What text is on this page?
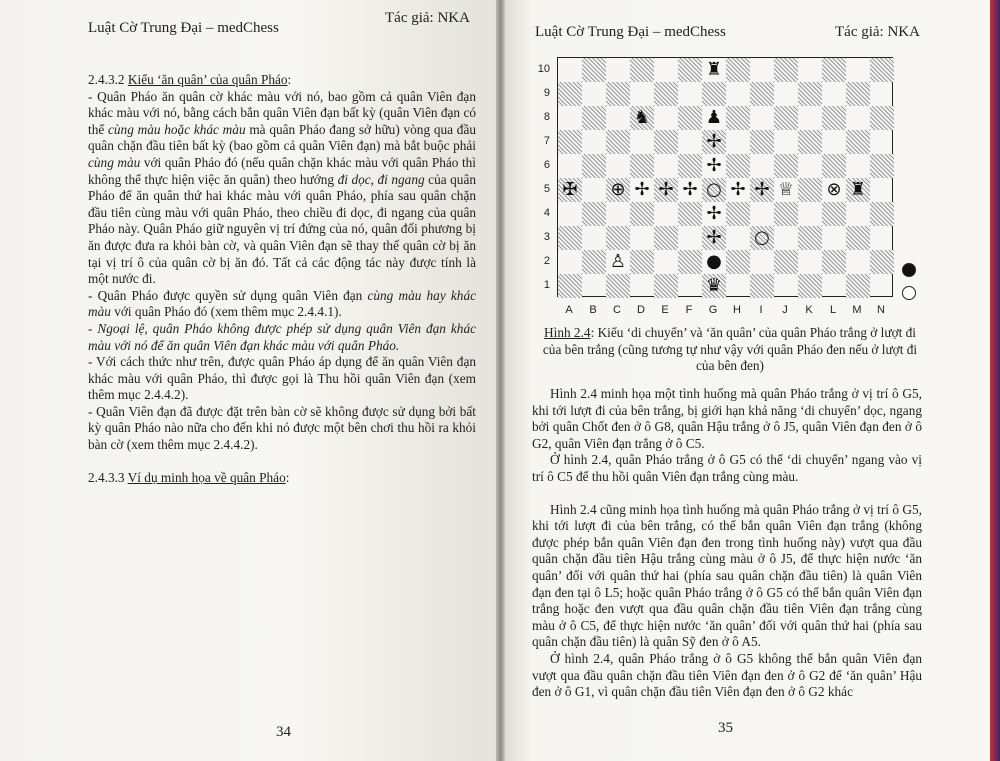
Luật Cờ Trung Đại – medChess
Tác giả: NKA

2.4.3.2 Kiểu ‘ăn quân’ của quân Pháo:

- Quân Pháo ăn quân cờ khác màu với nó, bao gồm cả quân Viên đạn khác màu với nó, bằng cách bắn quân Viên đạn bất kỳ (quân Viên đạn có thể cùng màu hoặc khác màu mà quân Pháo đang sở hữu) vòng qua đầu quân chặn đầu tiên bất kỳ (bao gồm cả quân Viên đạn) mà bắt buộc phải cùng màu với quân Pháo đó (nếu quân chặn khác màu với quân Pháo thì không thể thực hiện việc ăn quân) theo hướng đi dọc, đi ngang của quân Pháo để ăn quân thứ hai khác màu với quân Pháo, phía sau quân chặn đầu tiên cùng màu với quân Pháo, theo chiều đi dọc, đi ngang của quân Pháo này. Quân Pháo giữ nguyên vị trí đứng của nó, quân đối phương bị ăn được đưa ra khỏi bàn cờ, và quân Viên đạn sẽ thay thế quân cờ bị ăn tại vị trí ô của quân cờ bị ăn đó. Tất cả các động tác này được tính là một nước đi.

- Quân Pháo được quyền sử dụng quân Viên đạn cùng màu hay khác màu với quân Pháo đó (xem thêm mục 2.4.4.1).

- Ngoại lệ, quân Pháo không được phép sử dụng quân Viên đạn khác màu với nó để ăn quân Viên đạn khác màu với quân Pháo.

- Với cách thức như trên, được quân Pháo áp dụng để ăn quân Viên đạn khác màu với quân Pháo, thì được gọi là Thu hồi quân Viên đạn (xem thêm mục 2.4.4.2).

- Quân Viên đạn đã được đặt trên bàn cờ sẽ không được sử dụng bởi bất kỳ quân Pháo nào nữa cho đến khi nó được một bên chơi thu hồi ra khỏi bàn cờ (xem thêm mục 2.4.4.2).

2.4.3.3 Ví dụ minh họa về quân Pháo:

34
Luật Cờ Trung Đại – medChess	Tác giả: NKA
10
9
8
7
6
5
4
3
2
1
A	B	C	D	E	F	G	H	I	J	K	L	M	N
♜
♞	♟
✢
✢
✠ ⊕ ✢ ✢ ✢ ○ ✢ ✢ ♕ ⊗ ♜
✢
✢ ○
♙	●
♛
Hình 2.4: Kiểu ‘di chuyển’ và ‘ăn quân’ của quân Pháo trắng ở lượt đi của bên trắng (cũng tương tự như vậy với quân Pháo đen nếu ở lượt đi của bên đen)

Hình 2.4 minh họa một tình huống mà quân Pháo trắng ở vị trí ô G5, khi tới lượt đi của bên trắng, bị giới hạn khả năng ‘di chuyển’ dọc, ngang bởi quân Chốt đen ở ô G8, quân Hậu trắng ở ô J5, quân Viên đạn đen ở ô G2, quân Viên đạn trắng ở ô C5.

Ở hình 2.4, quân Pháo trắng ở ô G5 có thể ‘di chuyển’ ngang vào vị trí ô C5 để thu hồi quân Viên đạn trắng cùng màu.

Hình 2.4 cũng minh họa tình huống mà quân Pháo trắng ở vị trí ô G5, khi tới lượt đi của bên trắng, có thể bắn quân Viên đạn trắng (không được phép bắn quân Viên đạn đen trong tình huống này) vượt qua đầu quân chặn đầu tiên Hậu trắng cùng màu ở ô J5, để thực hiện nước ‘ăn quân’ đối với quân thứ hai (phía sau quân chặn đầu tiên) là quân Viên đạn đen tại ô L5; hoặc quân Pháo trắng ở ô G5 có thể bắn quân Viên đạn trắng hoặc đen vượt qua đầu quân chặn đầu tiên Viên đạn trắng cùng màu ở ô C5, để thực hiện nước ‘ăn quân’ đối với quân thứ hai (phía sau quân chặn đầu tiên) là quân Sỹ đen ở ô A5.

Ở hình 2.4, quân Pháo trắng ở ô G5 không thể bắn quân Viên đạn vượt qua đầu quân chặn đầu tiên Viên đạn đen ở ô G2 để ‘ăn quân’ Hậu đen ở ô G1, vì quân chặn đầu tiên Viên đạn đen ở ô G2 khác

35
